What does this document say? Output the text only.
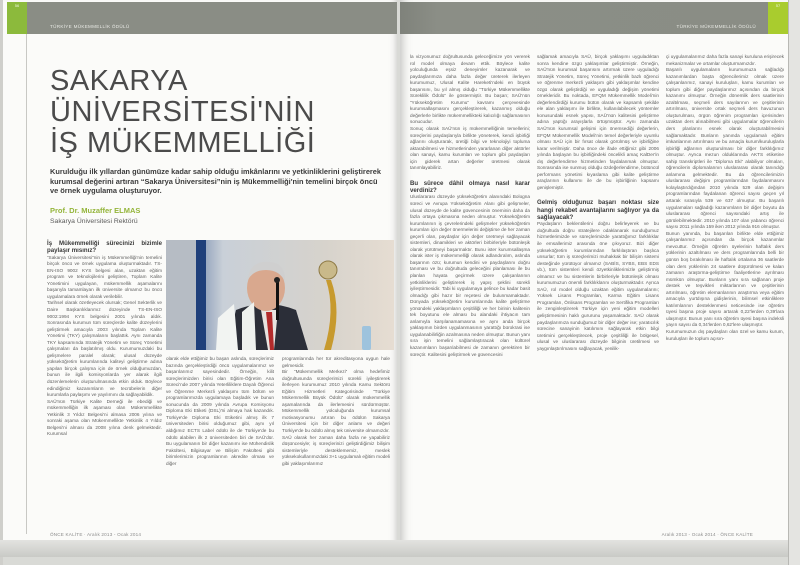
56
TÜRKİYE MÜKEMMELLİK ÖDÜLÜ
SAKARYA ÜNİVERSİTESİ'NİN
İŞ MÜKEMMELLİĞİ
Kurulduğu ilk yıllardan günümüze kadar sahip olduğu imkânlarını ve yetkinliklerini geliştirerek kurumsal değerini artıran “Sakarya Üniversitesi”nin iş Mükemmelliği'nin temelini birçok öncü ve örnek uygulama oluşturuyor.
Prof. Dr. Muzaffer ELMAS
Sakarya Üniversitesi Rektörü
İş Mükemmelliği sürecinizi bizimle paylaşır mısınız?

“Sakarya Üniversitesi”nin iş Mükemmelliği'nin temelini birçok öncü ve örnek uygulama oluşturmaktadır. TS-EN-ISO 9002 KYS belgesi alan, uzaktan eğitim program ve teknolojilerini geliştiren, Toplam Kalite Yönetimini uygulayan, mükemmellik aşamalarını başarıyla tamamlayan ilk üniversite olmamız bu öncü uygulamalara örnek olarak verilebilir.

Tarihsel olarak özetleyecek olursak; Genel Sekterlik ve Daire Başkanlıklarımız düzeyinde TS-EN-ISO 9002:1994 KYS belgesini 2001 yılında aldık. Sonrasında kurumun tüm süreçlerde kalite düzeylerini geliştirmek amacıyla 2003 yılında Toplam Kalite Yönetimi (TKY) çalışmalarını başlattık. Aynı zamanda TKY kapsamında Stratejik Yönetim ve Süreç Yönetimi çalışmaları da başlatılmış oldu. Kurumumuzdaki bu gelişmelere paralel olarak; ulusal düzeyde yükseköğretim kurumlarında kaliteyi geliştirme adına yapılan birçok çalışma için de örnek olduğumuzdan, bunun ile ilgili komisyonlarda yer alarak ilgili düzenlemelerin oluşturulmasında etkin olduk. Böylece edindiğimiz kazanımların ve tecrübelerin diğer kurumlarla paylaşımı ve yayılımını da sağlayabildik.

SAÜ'nün Türkiye Kalite Derneği ile ebediği ve mükemmelliğin ilk aşaması olan Mükemmellikte Yetkinlik 3 Yıldız Belgesi'ni almasa 2006 yılına ve sonraki aşama olan Mükemmellikte Yetkinlik 4 Yıldız Belgesi'ni alması da 2008 yılına denk gelmektedir. Kurumsal

olarak elde ettiğimiz bu başarı aslında, süreçlerimiz bazında gerçekleştirdiği öncü uygulamalarımız ve başarılarımız sayesindedir. Örneğin, kilit süreçlerimizden birisi olan Eğitim-Öğretim Ana Süreci'nde 2007 yılında Yeterliliklere Dayalı Öğrenci ve Öğrenme Merkezli yaklaşımı tüm bölüm ve programlarımızda uygulamaya başladık ve bunun sonucunda da 2009 yılında Avrupa Komisyonu Diploma Eki Etiketi (DSL)'ni almaya hak kazandık. Türkiye'de Diploma Eki Etiketini almış ilk 7 üniversiteden birisi olduğumuz gibi, aynı yıl aldığımız ECTS Label ödülü ile de Türkiye'de bu ödülü alabilen ilk 2 üniversiteden biri de SAÜ'dür. Bu uygulamanın bir diğer kazanımı ise Mühendislik Fakültesi, Bilgisayar ve Bilişim Fakültesi gibi birimlerimizin programlarının akredite olması ve diğer

programlarında her tür akreditasyona uygun hale gelmesidir.

Bir “Mükemmellik Merkezi” olma hedefimiz doğrultusunda süreçlerimizi sürekli iyileştirerek ilerleyen kurumumuz 2010 yılında Kamu Sektörü Eğitim Hizmetleri Kategorisinde “Türkiye Mükemmellik Büyük Ödülü” olarak mükemmellik aşamalarında da ilerlemesini sürdürmüştür. Mükemmellik yolculuğunda kurumsal motivasyonumu artıran bu ödülün Sakarya Üniversitesi için bir diğer anlamı ve değeri Türkiye'de bu ödülü almış tek üniversite olmamızdır.

SAÜ olarak her zaman daha fazla ne yapabiliriz düşüncesiyle; iş süreçlerinizi geliştirdiğimiz bilişim sistemleriyle desteklememiz, meslek yüksekokullarımızdaki 3+1 uygulamalı eğitim modeli gibi yaklaşımlarımız

ÖNCE KALİTE · Aralık 2013 - Ocak 2014
57
TÜRKİYE MÜKEMMELLİK ÖDÜLÜ

la vizyonumuz doğrultusunda geleceğimize yön vererek rol model olmaya devam ettik. Böylece kalite yolculuğunda eşsiz deneyimler kazanarak ve paydaşlarımıza daha fazla değer üreterek ilerleyen kurumumuz, Ulusal Kalite Hareketi'ndeki en büyük başarısını, bu yıl almış olduğu “Türkiye Mükemmellikte Süreklilik Ödülü” ile göstermiştir. Bu başarı; SAÜ'nün “Yükseköğretim Kurumu” kavramı çerçevesinde kurumsallaşmasını gerçekleştirerek, kazanmış olduğu değerlerle birlikte mükemmellikteki kalıcılığı sağlamasının sonucudur.

Sonuç olarak SAÜ'nün iş mükemmelliğinin temellerini; süreçlerini paydaşlarıyla birlikte yöneterek, kendi işbirliği ağlarını oluşturarak, üretiği bilgi ve teknolojiyi topluma aktarabilmesi ve hizmetlerinden yararlanan diğer aktörler olan sanayi, kamu kurumları ve toplum gibi paydaşları için giderek artan değerler üretmesi olarak tanımlayabiliriz.

Bu sürece dâhil olmaya nasıl karar verdiniz?

Uluslararası düzeyde yükseköğretim alanındaki Bologna süreci ve Avrupa Yükseköğretim Alanı gibi gelişmeler, ulusal düzeyde de kalite güvencesinin öneminin daha da fazla ortaya çıkmasına neden olmuştur. Yükseköğretim kurumlarının iş çevrelerindeki gelişmeler yükseköğretim kurumları için değer önermelerini değiştirse de her zaman geçerli olan, paydaşlar için değer üretmeyi sağlayacak sistemleri, dinamikleri ve aktörleri birbirleriyle bütünleşik olarak yürütmeyi başarmaktır. Bunu ister kurumsallaşma olarak ister iş mükemmelliği olarak adlandıralım, aslında başarının özü; kurumun kendini ve paydaşlarını doğru tanıması ve bu doğrultuda geleceğini planlaması ile bu planları hayata geçirmek üzere çalışanlarının yetkinliklerini geliştirerek iş yapış şeklini sürekli iyileştirmesidir. Tabi ki uygulamaya gelince bu kadar basit olmadığı gibi hazır bir reçetesi de bulunmamaktadır. Dünyada yükseköğretim kurumlarında kalite geliştirme yönündeki yaklaşımların çeşitliliği ve her birinin kalitenin tek boyutunu ele alması bu alandaki ihtiyacın tam anlamıyla karşılanamamasına ve aynı anda birçok yaklaşımın birden uygulanmasının yarattığı bürokrasi ise uygulanabilirliğin azalmasına neden olmuştur. Bunun yanı sıra işin temelini sağlamlaştıracak olan kültürel kazanımların başarılabilmesi de zamanın gerektiren bir süreçtir. Kalitesini geliştirmek ve güvencesini

sağlamak amacıyla SAÜ, birçok yaklaşımı uyguladıktan sonra kendine özgü yaklaşımlar geliştirmiştir. Örneğin, SAÜ'nün kurumsal başarısını artırmak üzere uyguladığı Stratejik Yönetim, Süreç Yönetimi, yetkinlik bazlı öğrenci ve öğrenme merkezli yaklaşım gibi yaklaşımlar kendine özgü olarak geliştirdiği ve uyguladığı değişim yönetimi örnekleridir. Bu noktada, EFQM Mükemmellik Modeli'nin değerlendirdiği kurumu bütün olarak ve kapsamlı şekilde ele alan yaklaşımı ile birlikte, kullanılabilecek yöntemler konusundaki esnek yapısı, SAÜ'nün kalitesini geliştirme adına yaptığı arayışlarla örtüşmüştür. Aynı zamanda SAÜ'nün kurumsal gelişimi için önemsediği değerlerin, EFQM Mükemmellik Modeli'nin temel değerleriyle uyumlu olması SAÜ için bir fırsat olarak görülmüş ve işbirliğine karar verilmiştir. Daha önce de ifade ettiğimiz gibi 2006 yılında başlayan bu işbirliğindeki öncelikli amaç KalDer'in dış değerlendirme hizmetinden faydalanmak olmuştur. Sonrasında ise sunmuş olduğu özdeğerlendirme, bütüncül performans yönetimi kıyaslama gibi kalite geliştirme araçlarının kullanımı ile de bu işbirliğinin kapsamı genişlemiştir.

Gelmiş olduğunuz başarı noktası size hangi rekabet avantajlarını sağlıyor ya da sağlayacak?

Paydaşların beklentilerini doğru belirleyerek ve bu doğrultuda doğru stratejilere odaklanarak sunduğumuz hizmetlerimizde ve süreçlerimizde yarattığımız farklılıklar ile emsallerimiz arasında öne çıkıyoruz. Bizi diğer yükseköğretim kurumlarından farklılaştıran başlıca unsurlar; tüm iş süreçlerimizi muhakkak bir bilişim sistemi desteğinde yürütüyor olmamız (SABİS, SYBS, EBS EDS vb.), tüm sistemleri kendi özyetkinliklerimizle geliştirmiş olmamız ve bu sistemlerin birbirleriyle bütünleşik olması kurumumuzun önemli farklılıklarını oluşturmaktadır. Ayrıca SAÜ, rol model olduğu uzaktan eğitim uygulamalarını; Yüksek Lisans Programları, Karma Eğitim Lisans Programları, Önlisans Programları ve Sertifika Programları ile zenginleştirerek Türkiye için yeni eğitim modelleri geliştirmesinin haklı gururunu yaşamaktadır. SAÜ olarak paydaşlarımıza sunduğumuz bir diğer değer ise; yaratıcılık sürecine sanayinin katılımını sağlayarak etkin bilgi üretimini gerçekleştirecek, proje çeşitliliği ile bölgesel, ulusal ve uluslararası düzeyde bilginin üretilmesi ve yaygınlaştırılmasını sağlayacak, yenilik-

çi uygulamalarımız daha fazla sanayi kuruluna erişirecek mekanizmalar ve ortamlar oluşturmamızdır.

Başarılı uygulamaların kurumumuza sağladığı kazanımlardan başta öğrencilerimiz olmak üzere çalışanlarımız, sanayi kuruluşları, kamu kurumları ve toplum gibi diğer paydaşlarımız açısından da birçok kazanımı olmuştur. Örneğin dönemlik ders saatlerinin azaltılması, seçmeli ders sayılarının ve çeşitlerinin artırılması, üniversite ortak seçmeli ders havuzunun oluşturulması, örgün öğrenim programları içerisinden uzaktan ders alınabilmesi gibi uygulamalar öğrencilerin ders planlarını esnek olarak oluşturabilmesini sağlamaktadır. Bunların yanında uygulamalı eğitim imkanlarının artırılması ve bu amaçla kurum/kuruluşlarla işbirliği ağlarının oluşturulması bir diğer farklılığımız olmuştur. Ayrıca mezun olduklarında AKTS etiketine sahip transkriptleri ile “Diploma Eki” alabiliyor olmaları, öğrencilerin diplomalarının uluslararası olarak tanındığı anlamına gelmektedir. Bu da öğrencilerimizin uluslararası değişim programlarından faydalanmasını kolaylaştırdığından 2010 yılında 529 olan değişim programlarından faydalanan öğrenci sayısı geçen yıl artarak sırasıyla 539 ve 637 olmuştur. Bu başarılı uygulamaları sağladığı kazanımların bir diğer boyutu da uluslararası öğrenci sayısındaki artış ile görülebilmektedir. 2010 yılında 107 olan yabancı öğrenci sayısı 2011 yılında 159 iken 2012 yılında 916 olmuştur.

Bunun yanında, bu başarıları birlikte elde ettiğimiz çalışanlarımız açısından da birçok kazanımlar mevcuttur. Örneğin öğretim üyelerinin haftalık ders yüklerinin azaltılması ve ders programlarında belli bir günün boş bırakılması ile haftalık ortalama 36 saatlerde olan ders yüklerinin 24 saatlere düşürülmesi ve kalan zamanın araştırma-geliştirme faaliyetlerine ayrılması mümkün olmuştur. Bunların yanı sıra sağlanan proje destek ve teşvikleri miktarlarının ve çeşitlerinin artırılması, öğretim elemanlarının araştırma veya eğitim amacıyla yurtdışına gidişlerinin, bilimsel etkinliklere katılımlarının desteklenmesi neticesinde ise öğretim üyesi başına proje sayısı artarak 0,22'lerden 0,39'lara ulaşmıştır. Bunun yanı sıra öğretim üyesi başına indeksli yayın sayısı da 0,34'lerden 0,62'lere ulaşmıştır.

Kurumumuzun dış paydaşları olan özel ve kamu kurum, kuruluşları ile toplum açısın-

Aralık 2013 - Ocak 2014 · ÖNCE KALİTE
